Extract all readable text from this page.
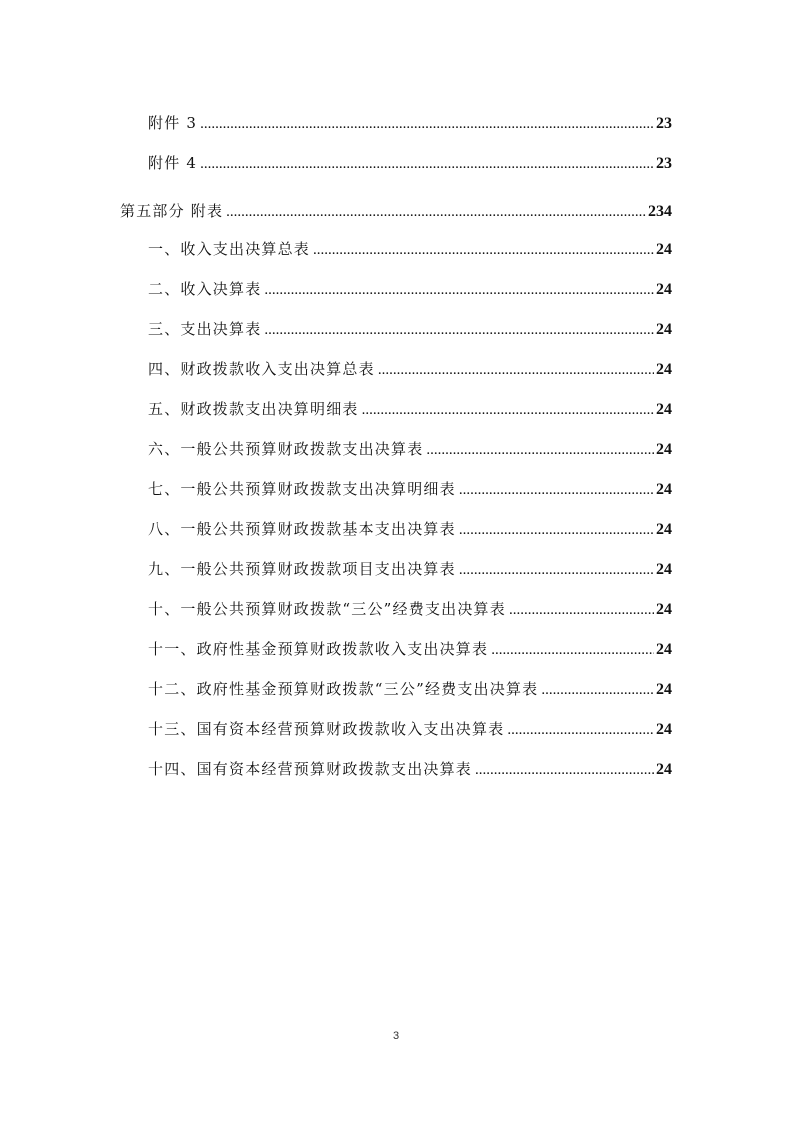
附件 3 .....	23
附件 4 .....	23
第五部分 附表 .....	234
一、收入支出决算总表 .....	24
二、收入决算表 .....	24
三、支出决算表 .....	24
四、财政拨款收入支出决算总表 .....	24
五、财政拨款支出决算明细表 .....	24
六、一般公共预算财政拨款支出决算表 .....	24
七、一般公共预算财政拨款支出决算明细表 .....	24
八、一般公共预算财政拨款基本支出决算表 .....	24
九、一般公共预算财政拨款项目支出决算表 .....	24
十、一般公共预算财政拨款“三公”经费支出决算表 .....	24
十一、政府性基金预算财政拨款收入支出决算表 .....	24
十二、政府性基金预算财政拨款“三公”经费支出决算表 .....	24
十三、国有资本经营预算财政拨款收入支出决算表 .....	24
十四、国有资本经营预算财政拨款支出决算表 .....	24
3
